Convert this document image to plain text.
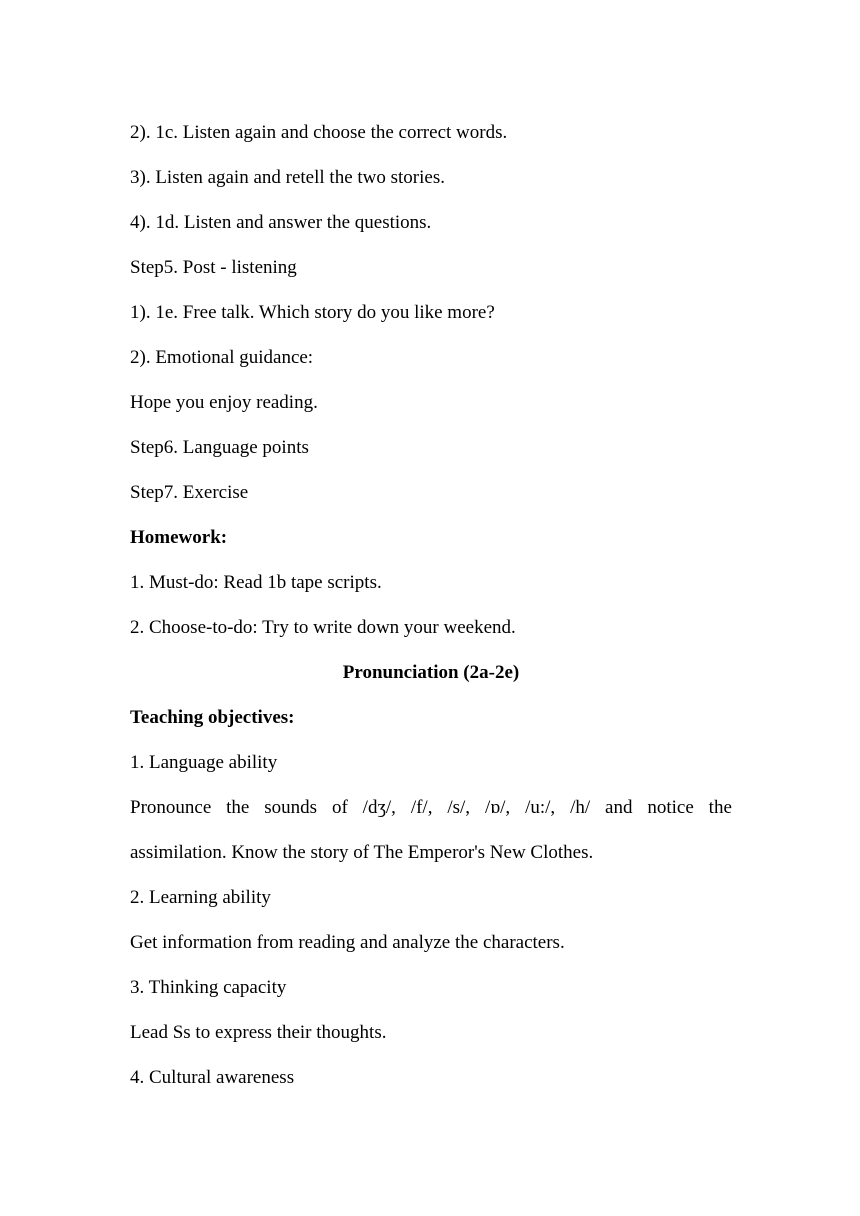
2). 1c. Listen again and choose the correct words.
3). Listen again and retell the two stories.
4). 1d. Listen and answer the questions.
Step5. Post - listening
1). 1e. Free talk. Which story do you like more?
2). Emotional guidance:
Hope you enjoy reading.
Step6. Language points
Step7. Exercise
Homework:
1. Must-do: Read 1b tape scripts.
2. Choose-to-do: Try to write down your weekend.
Pronunciation (2a-2e)
Teaching objectives:
1. Language ability
Pronounce the sounds of /dʒ/, /f/, /s/, /ɒ/, /u:/, /h/ and notice the
assimilation. Know the story of The Emperor's New Clothes.
2. Learning ability
Get information from reading and analyze the characters.
3. Thinking capacity
Lead Ss to express their thoughts.
4. Cultural awareness
